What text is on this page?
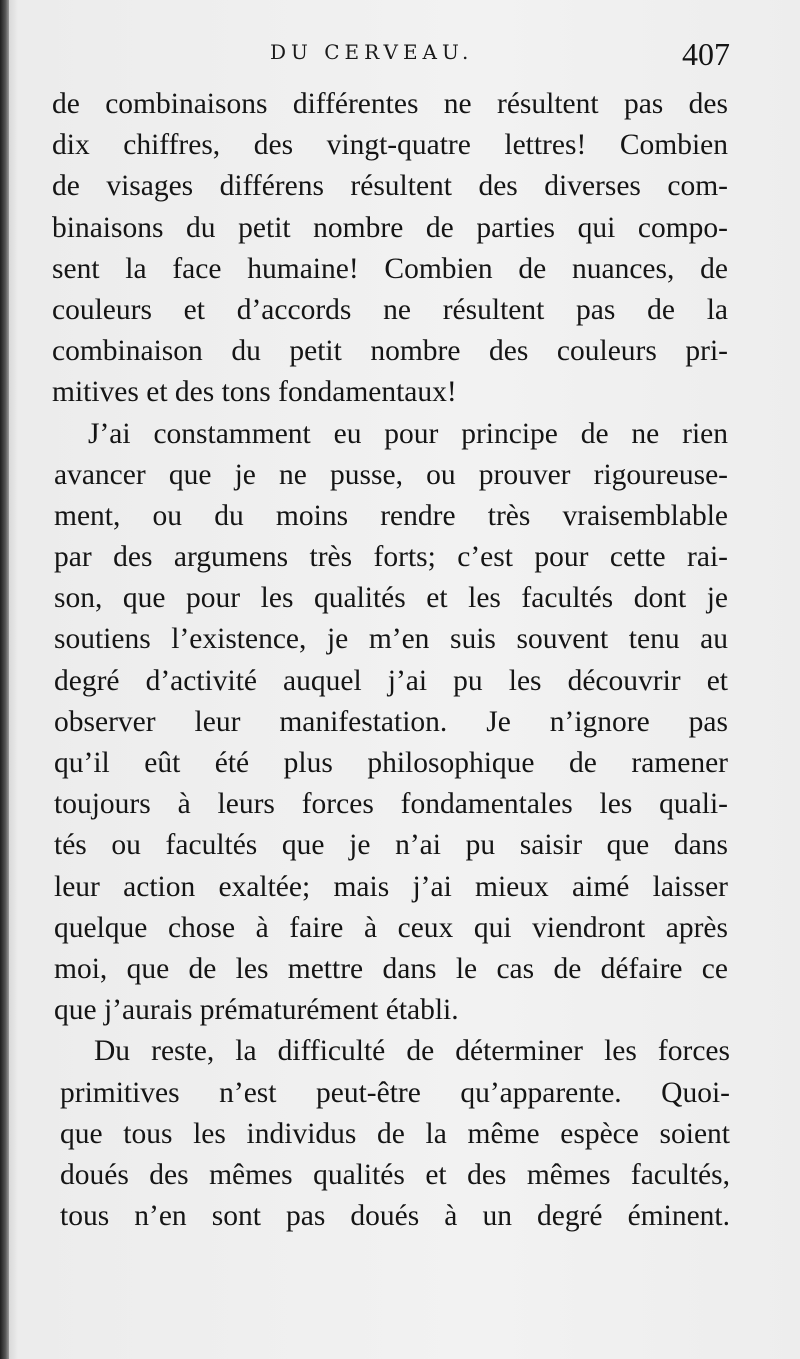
DU CERVEAU.	407
de combinaisons différentes ne résultent pas des
dix chiffres, des vingt-quatre lettres! Combien
de visages différens résultent des diverses com-
binaisons du petit nombre de parties qui compo-
sent la face humaine! Combien de nuances, de
couleurs et d’accords ne résultent pas de la
combinaison du petit nombre des couleurs pri-
mitives et des tons fondamentaux!
J’ai constamment eu pour principe de ne rien
avancer que je ne pusse, ou prouver rigoureuse-
ment, ou du moins rendre très vraisemblable
par des argumens très forts; c’est pour cette rai-
son, que pour les qualités et les facultés dont je
soutiens l’existence, je m’en suis souvent tenu au
degré d’activité auquel j’ai pu les découvrir et
observer leur manifestation. Je n’ignore pas
qu’il eût été plus philosophique de ramener
toujours à leurs forces fondamentales les quali-
tés ou facultés que je n’ai pu saisir que dans
leur action exaltée; mais j’ai mieux aimé laisser
quelque chose à faire à ceux qui viendront après
moi, que de les mettre dans le cas de défaire ce
que j’aurais prématurément établi.
Du reste, la difficulté de déterminer les forces
primitives n’est peut-être qu’apparente. Quoi-
que tous les individus de la même espèce soient
doués des mêmes qualités et des mêmes facultés,
tous n’en sont pas doués à un degré éminent.
